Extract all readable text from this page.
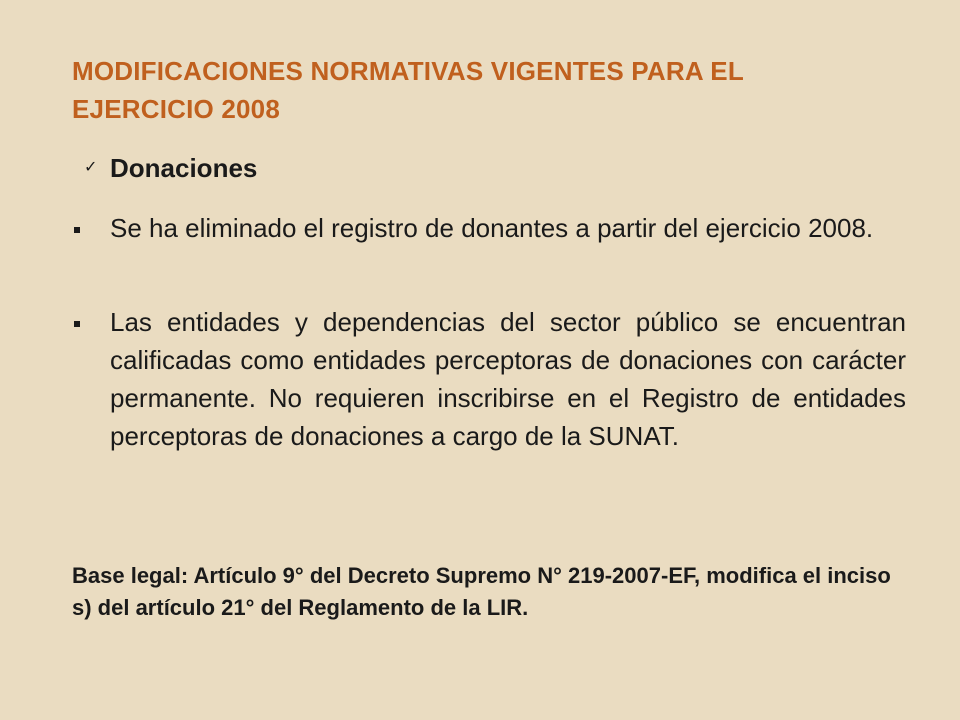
MODIFICACIONES NORMATIVAS VIGENTES PARA EL EJERCICIO 2008
✓ Donaciones

Se ha eliminado el registro de donantes a partir del ejercicio 2008.

Las entidades y dependencias del sector público se encuentran calificadas como entidades perceptoras de donaciones con carácter permanente. No requieren inscribirse en el Registro de entidades perceptoras de donaciones a cargo de la SUNAT.

Base legal: Artículo 9° del Decreto Supremo N° 219-2007-EF, modifica el inciso s) del artículo 21° del Reglamento de la LIR.
